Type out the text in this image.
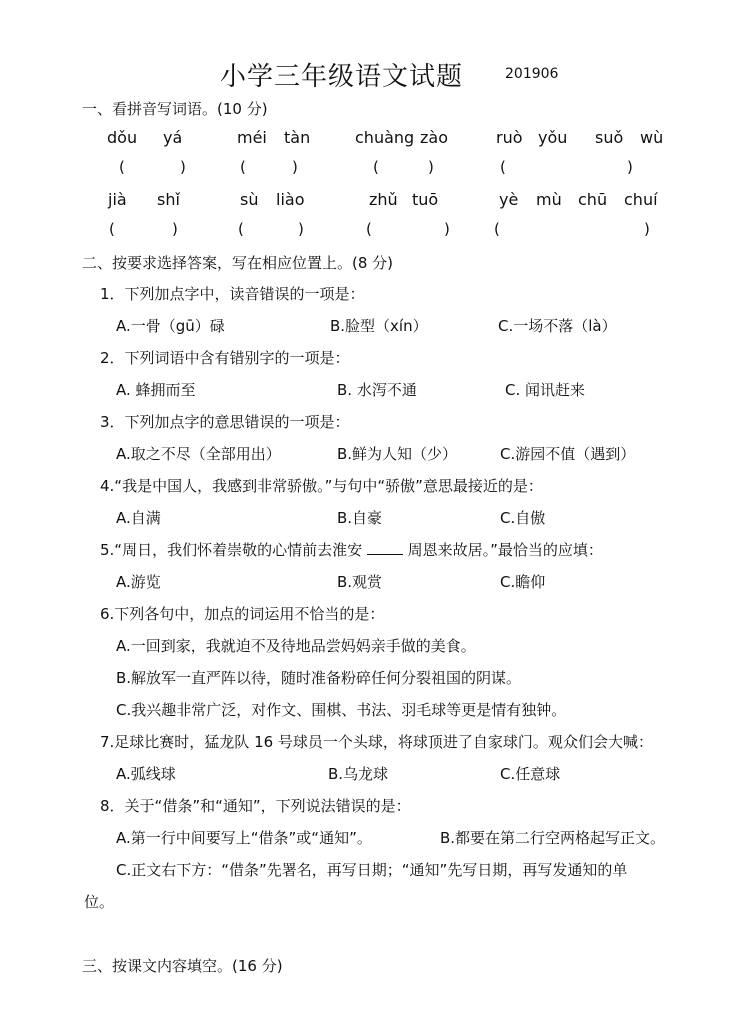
小学三年级语文试题	201906
一、看拼音写词语。(10 分)
dǒu yá	méi tàn	chuàng zào	ruò yǒu suǒ wù
(	)	(	)	(	)	(	)
jià shǐ	sù liào	zhǔ tuō	yè mù chū chuí
(	)	(	)	(	)	(	)
二、按要求选择答案，写在相应位置上。(8 分)
1．下列加点字中，读音错误的一项是：
A.一骨（gū）碌	B.脸型（xín）	C.一场不落（là）
2．下列词语中含有错别字的一项是：
A. 蜂拥而至	B. 水泻不通	C. 闻讯赶来
3．下列加点字的意思错误的一项是：
A.取之不尽（全部用出）	B.鲜为人知（少）	C.游园不值（遇到）
4.“我是中国人，我感到非常骄傲。”与句中“骄傲”意思最接近的是：
A.自满	B.自豪	C.自傲
5.“周日，我们怀着崇敬的心情前去淮安	周恩来故居。”最恰当的应填：
A.游览	B.观赏	C.瞻仰
6.下列各句中，加点的词运用不恰当的是：
A.一回到家，我就迫不及待地品尝妈妈亲手做的美食。
B.解放军一直严阵以待，随时准备粉碎任何分裂祖国的阴谋。
C.我兴趣非常广泛，对作文、围棋、书法、羽毛球等更是情有独钟。
7.足球比赛时，猛龙队 16 号球员一个头球，将球顶进了自家球门。观众们会大喊：
A.弧线球	B.乌龙球	C.任意球
8．关于“借条”和“通知”，下列说法错误的是：
A.第一行中间要写上“借条”或“通知”。	B.都要在第二行空两格起写正文。
C.正文右下方：“借条”先署名，再写日期；“通知”先写日期，再写发通知的单
位。
三、按课文内容填空。(16 分)
